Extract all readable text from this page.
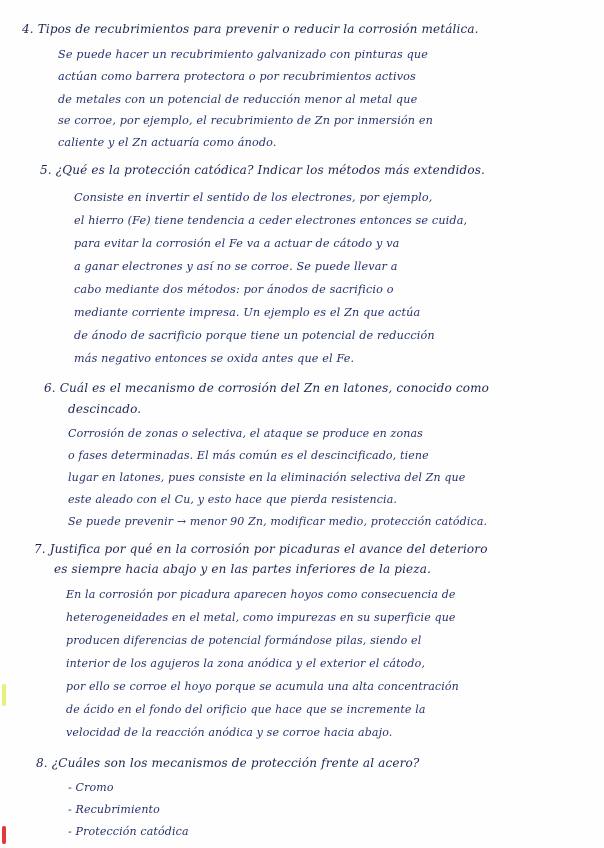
4. Tipos de recubrimientos para prevenir o reducir la corrosión metálica.
Se puede hacer un recubrimiento galvanizado con pinturas que
actúan como barrera protectora o por recubrimientos activos
de metales con un potencial de reducción menor al metal que
se corroe, por ejemplo, el recubrimiento de Zn por inmersión en
caliente y el Zn actuaría como ánodo.
5. ¿Qué es la protección catódica? Indicar los métodos más extendidos.
Consiste en invertir el sentido de los electrones, por ejemplo,
el hierro (Fe) tiene tendencia a ceder electrones entonces se cuida,
para evitar la corrosión el Fe va a actuar de cátodo y va
a ganar electrones y así no se corroe. Se puede llevar a
cabo mediante dos métodos: por ánodos de sacrificio o
mediante corriente impresa. Un ejemplo es el Zn que actúa
de ánodo de sacrificio porque tiene un potencial de reducción
más negativo entonces se oxida antes que el Fe.
6. Cuál es el mecanismo de corrosión del Zn en latones, conocido como
descincado.
Corrosión de zonas o selectiva, el ataque se produce en zonas
o fases determinadas. El más común es el descincificado, tiene
lugar en latones, pues consiste en la eliminación selectiva del Zn que
este aleado con el Cu, y esto hace que pierda resistencia.
Se puede prevenir → menor 90 Zn, modificar medio, protección catódica.
7. Justifica por qué en la corrosión por picaduras el avance del deterioro
es siempre hacia abajo y en las partes inferiores de la pieza.
En la corrosión por picadura aparecen hoyos como consecuencia de
heterogeneidades en el metal, como impurezas en su superficie que
producen diferencias de potencial formándose pilas, siendo el
interior de los agujeros la zona anódica y el exterior el cátodo,
por ello se corroe el hoyo porque se acumula una alta concentración
de ácido en el fondo del orificio que hace que se incremente la
velocidad de la reacción anódica y se corroe hacia abajo.
8. ¿Cuáles son los mecanismos de protección frente al acero?
- Cromo
- Recubrimiento
- Protección catódica
